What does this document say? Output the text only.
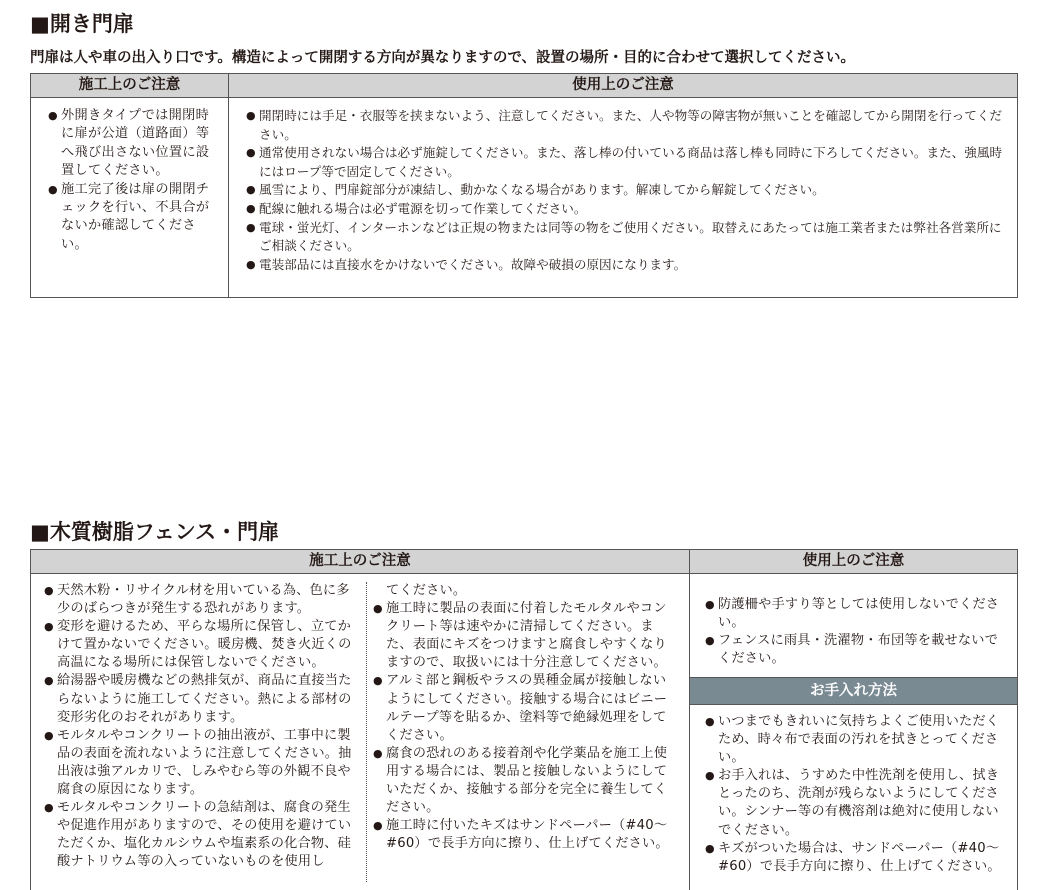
■開き門扉
門扉は人や車の出入り口です。構造によって開閉する方向が異なりますので、設置の場所・目的に合わせて選択してください。
施工上のご注意
● 外開きタイプでは開閉時に扉が公道（道路面）等へ飛び出さない位置に設置してください。
● 施工完了後は扉の開閉チェックを行い、不具合がないか確認してください。
使用上のご注意
● 開閉時には手足・衣服等を挟まないよう、注意してください。また、人や物等の障害物が無いことを確認してから開閉を行ってください。
● 通常使用されない場合は必ず施錠してください。また、落し棒の付いている商品は落し棒も同時に下ろしてください。また、強風時にはロープ等で固定してください。
● 風雪により、門扉錠部分が凍結し、動かなくなる場合があります。解凍してから解錠してください。
● 配線に触れる場合は必ず電源を切って作業してください。
● 電球・蛍光灯、インターホンなどは正規の物または同等の物をご使用ください。取替えにあたっては施工業者または弊社各営業所にご相談ください。
● 電装部品には直接水をかけないでください。故障や破損の原因になります。
■木質樹脂フェンス・門扉
施工上のご注意
● 天然木粉・リサイクル材を用いている為、色に多少のばらつきが発生する恐れがあります。
● 変形を避けるため、平らな場所に保管し、立てかけて置かないでください。暖房機、焚き火近くの高温になる場所には保管しないでください。
● 給湯器や暖房機などの熱排気が、商品に直接当たらないように施工してください。熱による部材の変形劣化のおそれがあります。
● モルタルやコンクリートの抽出液が、工事中に製品の表面を流れないように注意してください。抽出液は強アルカリで、しみやむら等の外観不良や腐食の原因になります。
● モルタルやコンクリートの急結剤は、腐食の発生や促進作用がありますので、その使用を避けていただくか、塩化カルシウムや塩素系の化合物、硅酸ナトリウム等の入っていないものを使用し
てください。
● 施工時に製品の表面に付着したモルタルやコンクリート等は速やかに清掃してください。また、表面にキズをつけますと腐食しやすくなりますので、取扱いには十分注意してください。
● アルミ部と鋼板やラスの異種金属が接触しないようにしてください。接触する場合にはビニールテープ等を貼るか、塗料等で絶縁処理をしてください。
● 腐食の恐れのある接着剤や化学薬品を施工上使用する場合には、製品と接触しないようにしていただくか、接触する部分を完全に養生してください。
● 施工時に付いたキズはサンドペーパー（#40～#60）で長手方向に擦り、仕上げてください。
使用上のご注意
● 防護柵や手すり等としては使用しないでください。
● フェンスに雨具・洗濯物・布団等を載せないでください。
お手入れ方法
● いつまでもきれいに気持ちよくご使用いただくため、時々布で表面の汚れを拭きとってください。
● お手入れは、うすめた中性洗剤を使用し、拭きとったのち、洗剤が残らないようにしてください。シンナー等の有機溶剤は絶対に使用しないでください。
● キズがついた場合は、サンドペーパー（#40～#60）で長手方向に擦り、仕上げてください。
